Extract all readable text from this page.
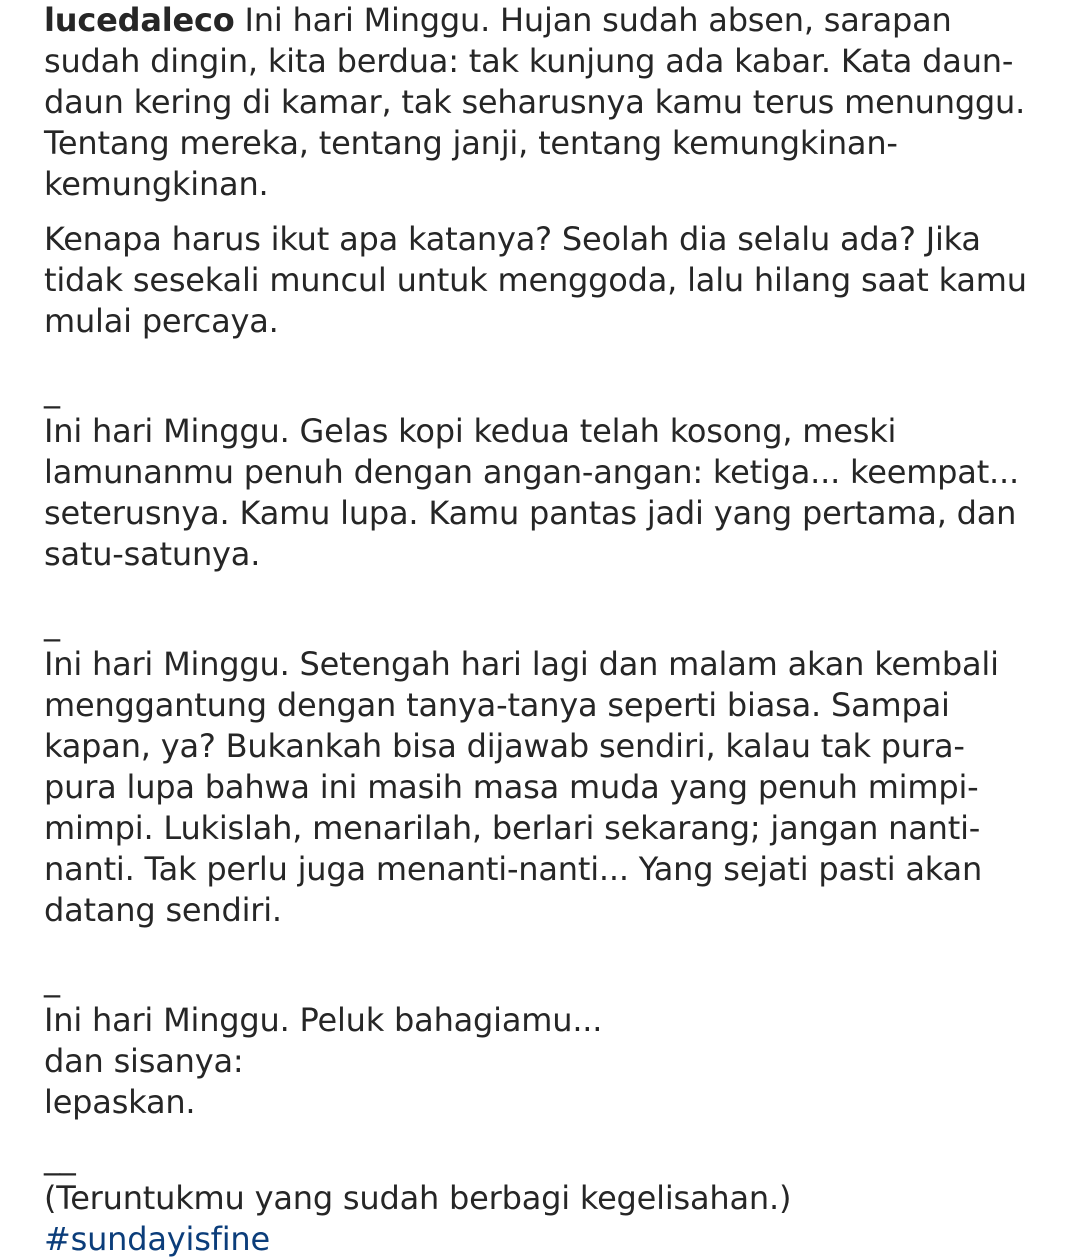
lucedaleco Ini hari Minggu. Hujan sudah absen, sarapan
sudah dingin, kita berdua: tak kunjung ada kabar. Kata daun-
daun kering di kamar, tak seharusnya kamu terus menunggu.
Tentang mereka, tentang janji, tentang kemungkinan-
kemungkinan.
Kenapa harus ikut apa katanya? Seolah dia selalu ada? Jika
tidak sesekali muncul untuk menggoda, lalu hilang saat kamu
mulai percaya.
_
Ini hari Minggu. Gelas kopi kedua telah kosong, meski
lamunanmu penuh dengan angan-angan: ketiga... keempat...
seterusnya. Kamu lupa. Kamu pantas jadi yang pertama, dan
satu-satunya.
_
Ini hari Minggu. Setengah hari lagi dan malam akan kembali
menggantung dengan tanya-tanya seperti biasa. Sampai
kapan, ya? Bukankah bisa dijawab sendiri, kalau tak pura-
pura lupa bahwa ini masih masa muda yang penuh mimpi-
mimpi. Lukislah, menarilah, berlari sekarang; jangan nanti-
nanti. Tak perlu juga menanti-nanti... Yang sejati pasti akan
datang sendiri.
_
Ini hari Minggu. Peluk bahagiamu...
dan sisanya:
lepaskan.
__
(Teruntukmu yang sudah berbagi kegelisahan.)
#sundayisfine
